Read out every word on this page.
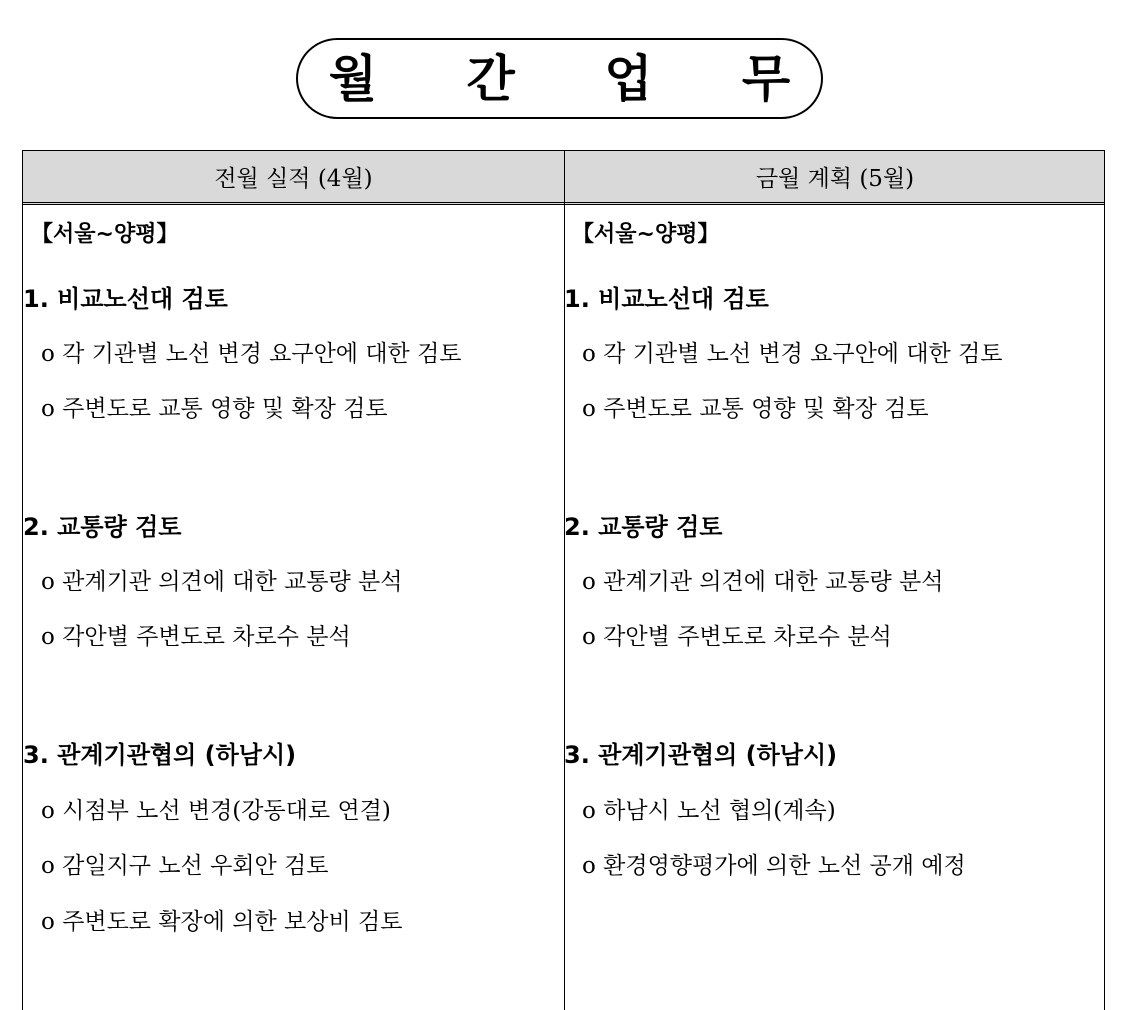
월 간 업 무
전월 실적 (4월)	금월 계획 (5월)
【서울~양평】
1. 비교노선대 검토
o 각 기관별 노선 변경 요구안에 대한 검토
o 주변도로 교통 영향 및 확장 검토
2. 교통량 검토
o 관계기관 의견에 대한 교통량 분석
o 각안별 주변도로 차로수 분석
3. 관계기관협의 (하남시)
o 시점부 노선 변경(강동대로 연결)
o 감일지구 노선 우회안 검토
o 주변도로 확장에 의한 보상비 검토
【서울~양평】
1. 비교노선대 검토
o 각 기관별 노선 변경 요구안에 대한 검토
o 주변도로 교통 영향 및 확장 검토
2. 교통량 검토
o 관계기관 의견에 대한 교통량 분석
o 각안별 주변도로 차로수 분석
3. 관계기관협의 (하남시)
o 하남시 노선 협의(계속)
o 환경영향평가에 의한 노선 공개 예정
